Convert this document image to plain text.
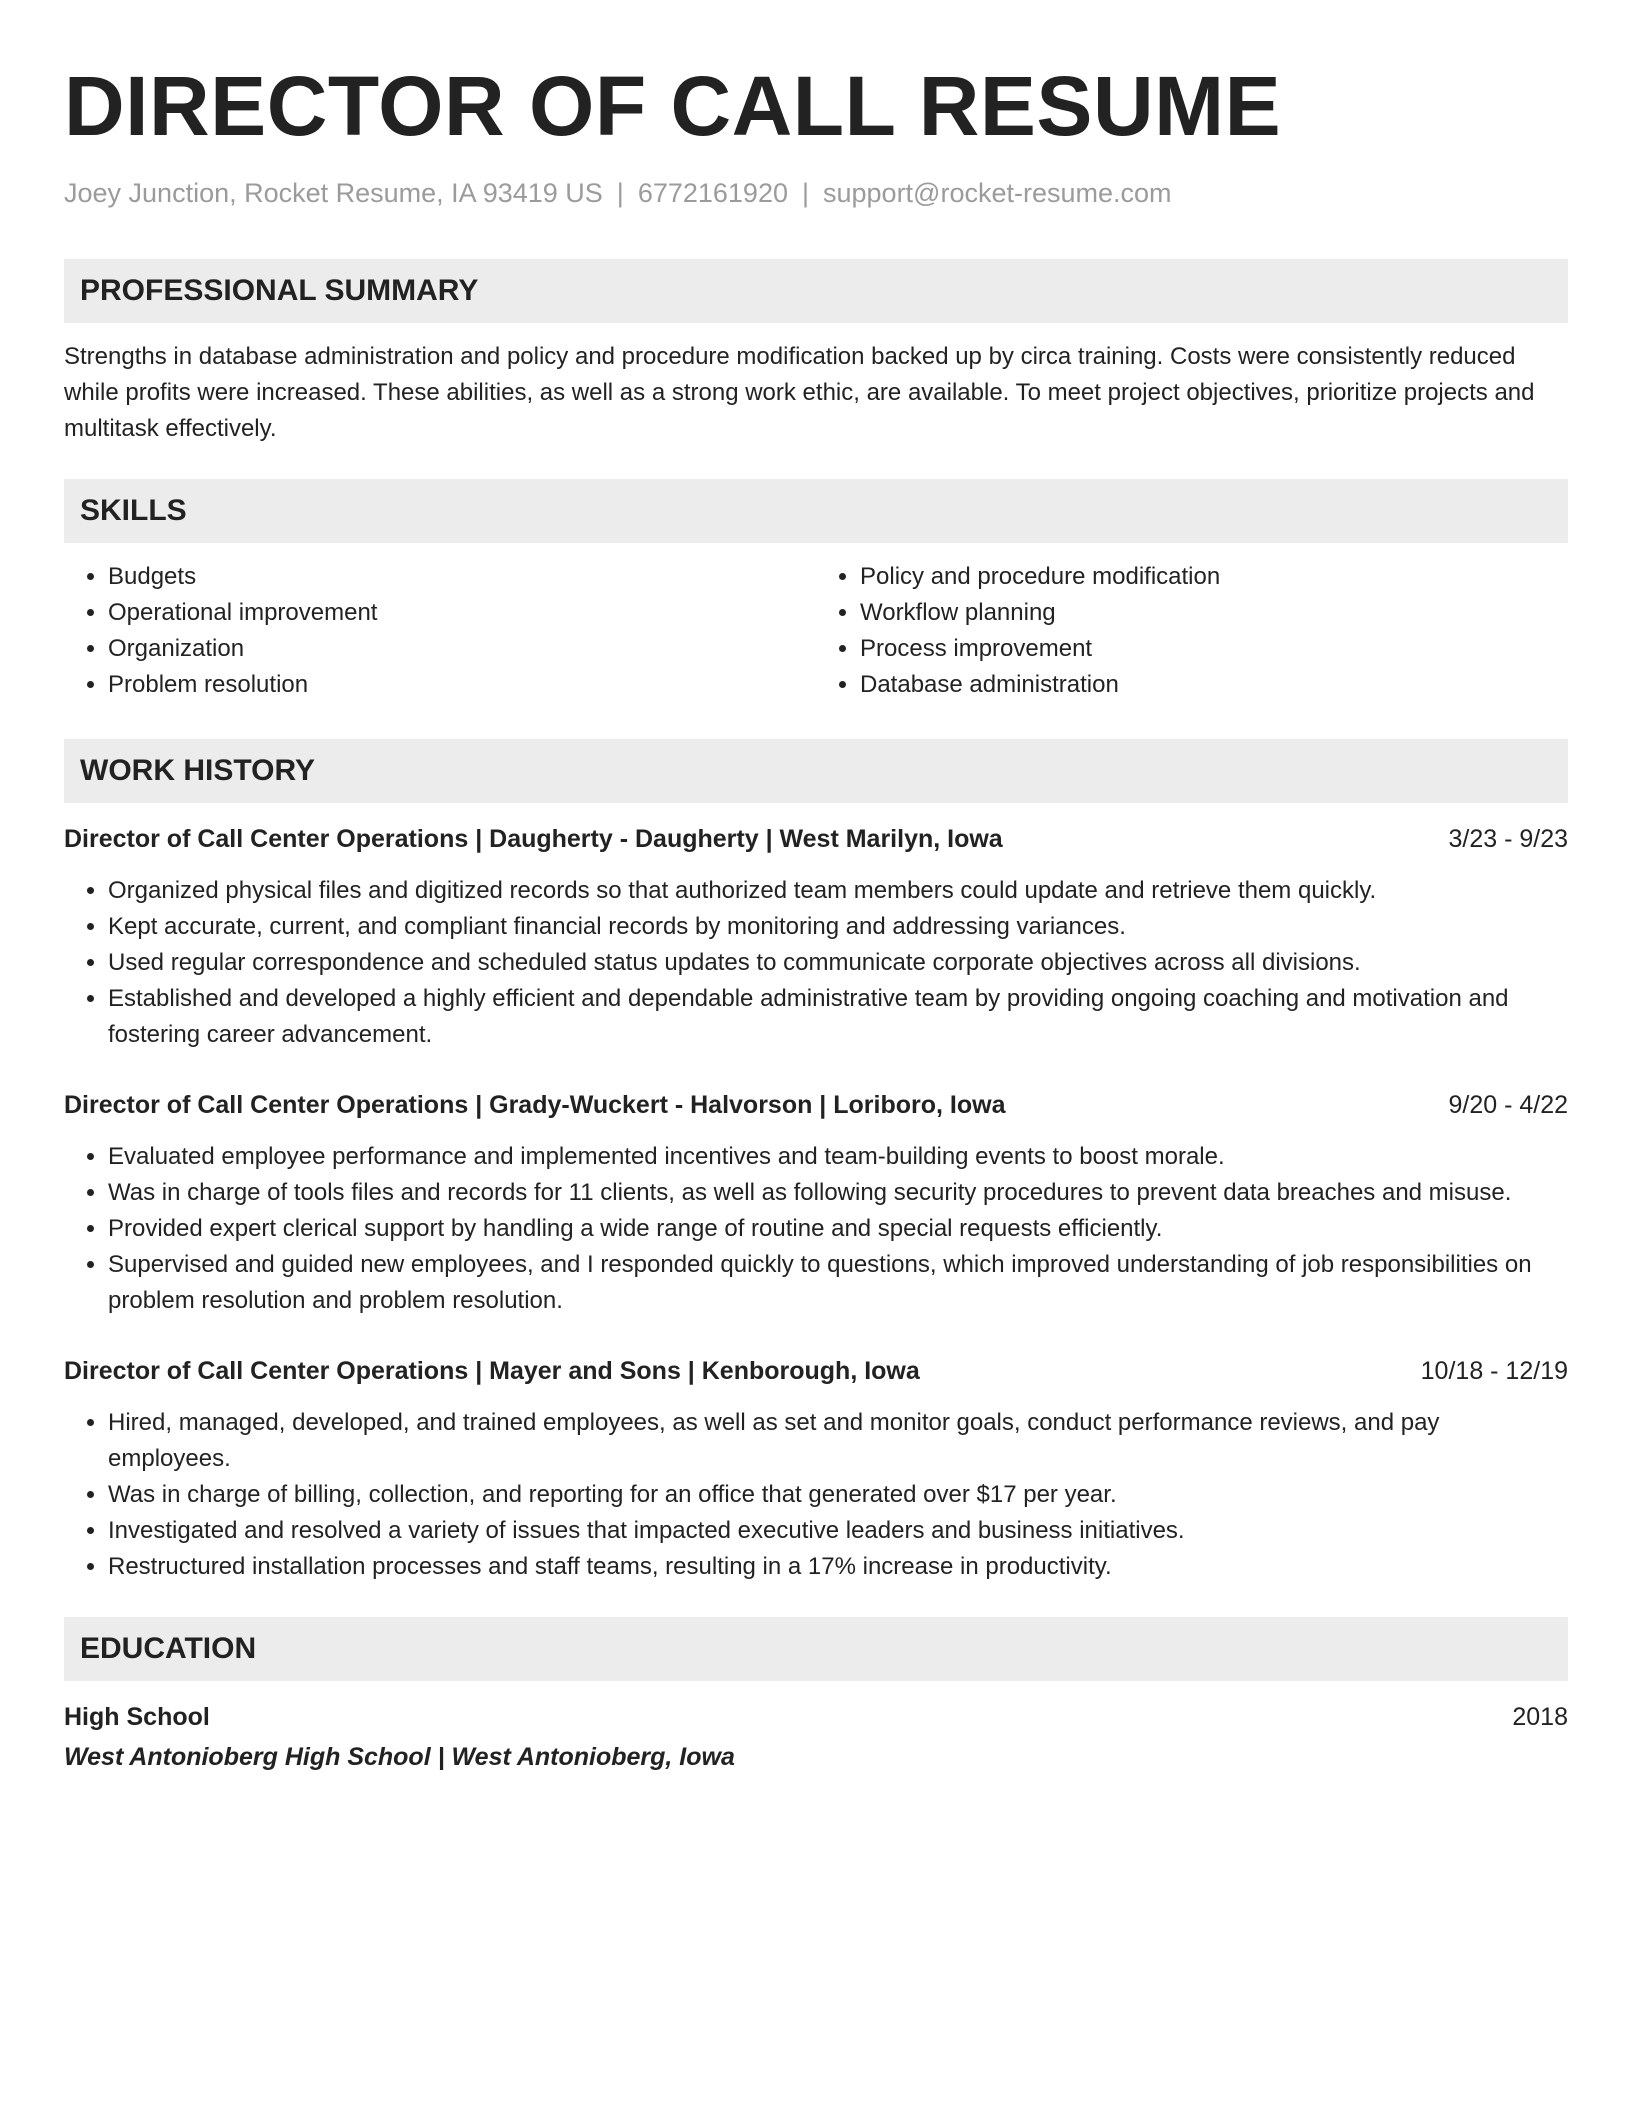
DIRECTOR OF CALL RESUME
Joey Junction, Rocket Resume, IA 93419 US | 6772161920 | support@rocket-resume.com
PROFESSIONAL SUMMARY

Strengths in database administration and policy and procedure modification backed up by circa training. Costs were consistently reduced while profits were increased. These abilities, as well as a strong work ethic, are available. To meet project objectives, prioritize projects and multitask effectively.

SKILLS
• Budgets
• Operational improvement
• Organization
• Problem resolution
• Policy and procedure modification
• Workflow planning
• Process improvement
• Database administration
WORK HISTORY
Director of Call Center Operations | Daugherty - Daugherty | West Marilyn, Iowa	3/23 - 9/23
• Organized physical files and digitized records so that authorized team members could update and retrieve them quickly.
• Kept accurate, current, and compliant financial records by monitoring and addressing variances.
• Used regular correspondence and scheduled status updates to communicate corporate objectives across all divisions.
• Established and developed a highly efficient and dependable administrative team by providing ongoing coaching and motivation and fostering career advancement.
Director of Call Center Operations | Grady-Wuckert - Halvorson | Loriboro, Iowa	9/20 - 4/22
• Evaluated employee performance and implemented incentives and team-building events to boost morale.
• Was in charge of tools files and records for 11 clients, as well as following security procedures to prevent data breaches and misuse.
• Provided expert clerical support by handling a wide range of routine and special requests efficiently.
• Supervised and guided new employees, and I responded quickly to questions, which improved understanding of job responsibilities on problem resolution and problem resolution.
Director of Call Center Operations | Mayer and Sons | Kenborough, Iowa	10/18 - 12/19
• Hired, managed, developed, and trained employees, as well as set and monitor goals, conduct performance reviews, and pay employees.
• Was in charge of billing, collection, and reporting for an office that generated over $17 per year.
• Investigated and resolved a variety of issues that impacted executive leaders and business initiatives.
• Restructured installation processes and staff teams, resulting in a 17% increase in productivity.
EDUCATION
High School	2018
West Antonioberg High School | West Antonioberg, Iowa
